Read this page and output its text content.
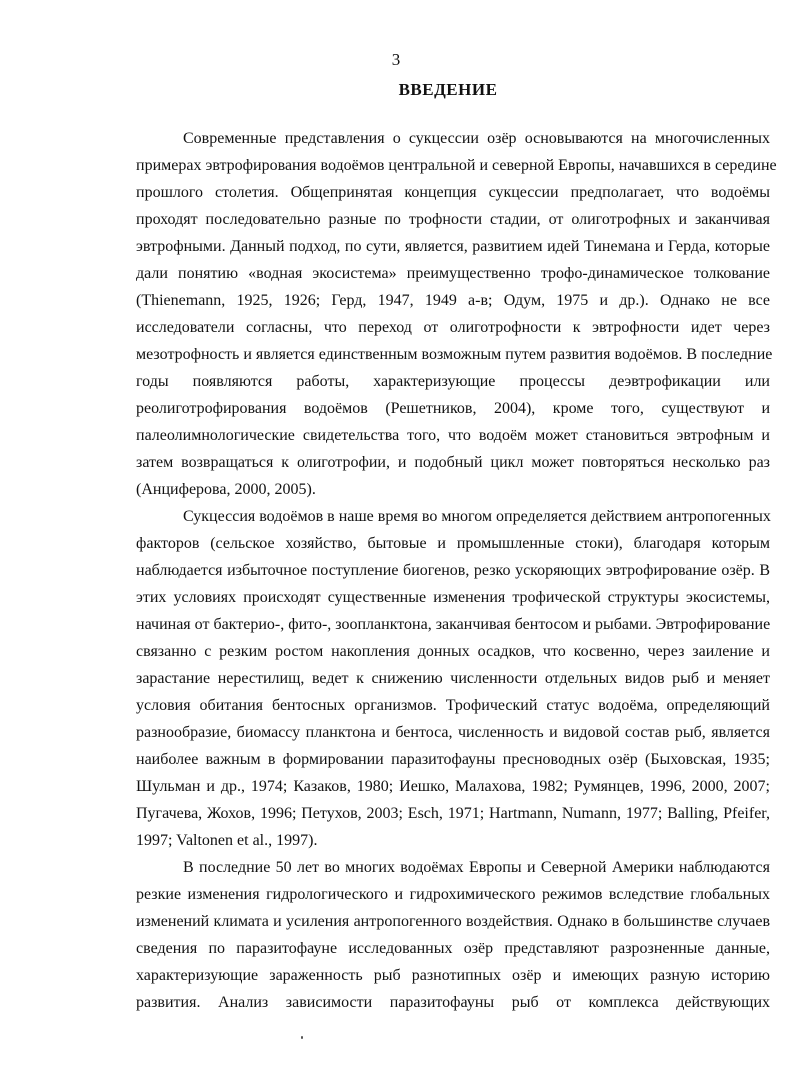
3
ВВЕДЕНИЕ
Современные представления о сукцессии озёр основываются на многочисленных
примерах эвтрофирования водоёмов центральной и северной Европы, начавшихся в середине
прошлого столетия. Общепринятая концепция сукцессии предполагает, что водоёмы
проходят последовательно разные по трофности стадии, от олиготрофных и заканчивая
эвтрофными. Данный подход, по сути, является, развитием идей Тинемана и Герда, которые
дали понятию «водная экосистема» преимущественно трофо-динамическое толкование
(Thienemann, 1925, 1926; Герд, 1947, 1949 а-в; Одум, 1975 и др.). Однако не все
исследователи согласны, что переход от олиготрофности к эвтрофности идет через
мезотрофность и является единственным возможным путем развития водоёмов. В последние
годы появляются работы, характеризующие процессы деэвтрофикации или
реолиготрофирования водоёмов (Решетников, 2004), кроме того, существуют и
палеолимнологические свидетельства того, что водоём может становиться эвтрофным и
затем возвращаться к олиготрофии, и подобный цикл может повторяться несколько раз
(Анциферова, 2000, 2005).
Сукцессия водоёмов в наше время во многом определяется действием антропогенных
факторов (сельское хозяйство, бытовые и промышленные стоки), благодаря которым
наблюдается избыточное поступление биогенов, резко ускоряющих эвтрофирование озёр. В
этих условиях происходят существенные изменения трофической структуры экосистемы,
начиная от бактерио-, фито-, зоопланктона, заканчивая бентосом и рыбами. Эвтрофирование
связанно с резким ростом накопления донных осадков, что косвенно, через заиление и
зарастание нерестилищ, ведет к снижению численности отдельных видов рыб и меняет
условия обитания бентосных организмов. Трофический статус водоёма, определяющий
разнообразие, биомассу планктона и бентоса, численность и видовой состав рыб, является
наиболее важным в формировании паразитофауны пресноводных озёр (Быховская, 1935;
Шульман и др., 1974; Казаков, 1980; Иешко, Малахова, 1982; Румянцев, 1996, 2000, 2007;
Пугачева, Жохов, 1996; Петухов, 2003; Esch, 1971; Hartmann, Numann, 1977; Balling, Pfeifer,
1997; Valtonen et al., 1997).
В последние 50 лет во многих водоёмах Европы и Северной Америки наблюдаются
резкие изменения гидрологического и гидрохимического режимов вследствие глобальных
изменений климата и усиления антропогенного воздействия. Однако в большинстве случаев
сведения по паразитофауне исследованных озёр представляют разрозненные данные,
характеризующие зараженность рыб разнотипных озёр и имеющих разную историю
развития. Анализ зависимости паразитофауны рыб от комплекса действующих
